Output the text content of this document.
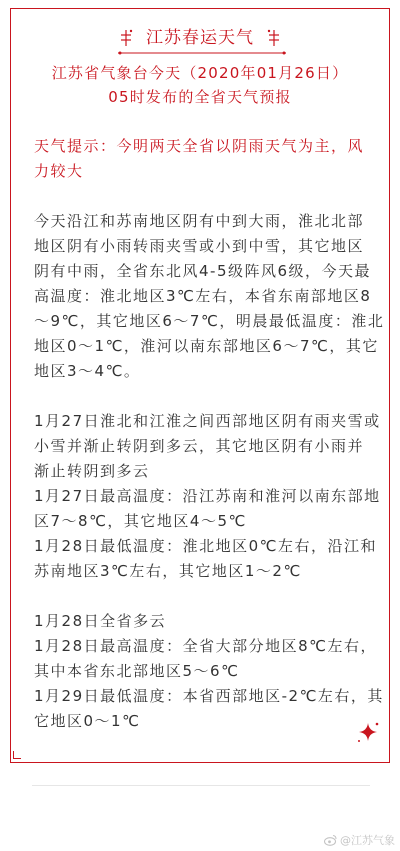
江苏春运天气
江苏省气象台今天（2020年01月26日）
05时发布的全省天气预报
天气提示：今明两天全省以阴雨天气为主，风
力较大
今天沿江和苏南地区阴有中到大雨，淮北北部
地区阴有小雨转雨夹雪或小到中雪，其它地区
阴有中雨，全省东北风4-5级阵风6级，今天最
高温度：淮北地区3℃左右，本省东南部地区8
～9℃，其它地区6～7℃，明晨最低温度：淮北
地区0～1℃，淮河以南东部地区6～7℃，其它
地区3～4℃。
1月27日淮北和江淮之间西部地区阴有雨夹雪或
小雪并渐止转阴到多云，其它地区阴有小雨并
渐止转阴到多云
1月27日最高温度：沿江苏南和淮河以南东部地
区7～8℃，其它地区4～5℃
1月28日最低温度：淮北地区0℃左右，沿江和
苏南地区3℃左右，其它地区1～2℃
1月28日全省多云
1月28日最高温度：全省大部分地区8℃左右，
其中本省东北部地区5～6℃
1月29日最低温度：本省西部地区-2℃左右，其
它地区0～1℃
@江苏气象
